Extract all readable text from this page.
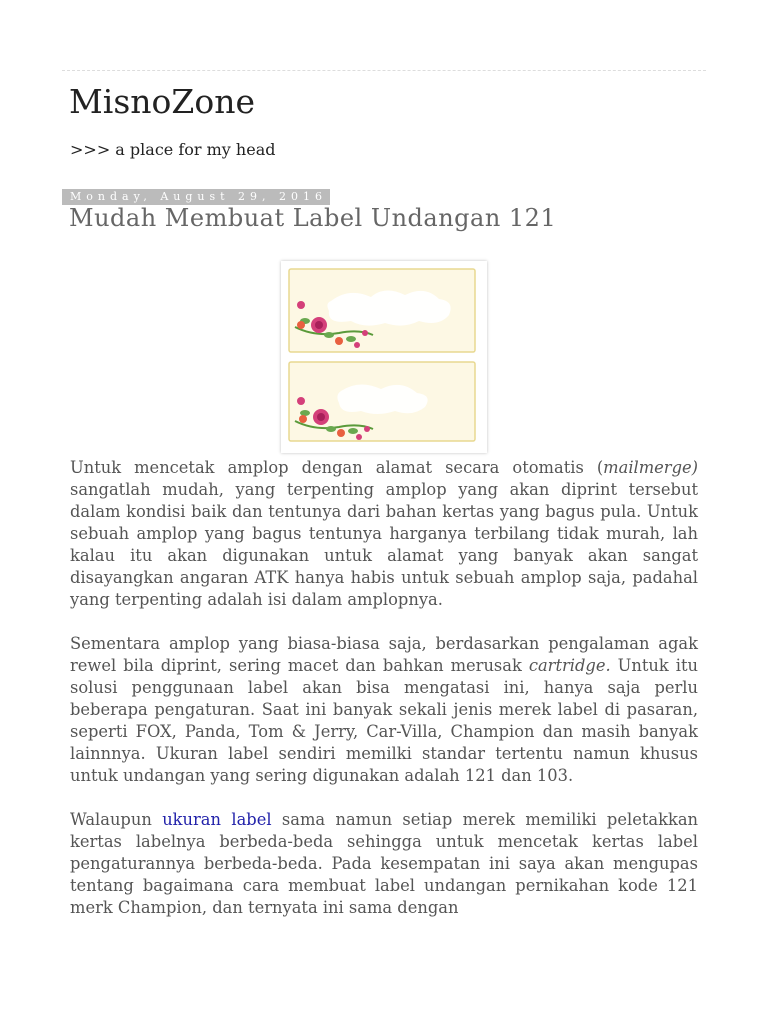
MisnoZone
>>> a place for my head
Monday, August 29, 2016
Mudah Membuat Label Undangan 121

Untuk mencetak amplop dengan alamat secara otomatis (mailmerge) sangatlah mudah, yang terpenting amplop yang akan diprint tersebut dalam kondisi baik dan tentunya dari bahan kertas yang bagus pula. Untuk sebuah amplop yang bagus tentunya harganya terbilang tidak murah, lah kalau itu akan digunakan untuk alamat yang banyak akan sangat disayangkan angaran ATK hanya habis untuk sebuah amplop saja, padahal yang terpenting adalah isi dalam amplopnya.

Sementara amplop yang biasa-biasa saja, berdasarkan pengalaman agak rewel bila diprint, sering macet dan bahkan merusak cartridge. Untuk itu solusi penggunaan label akan bisa mengatasi ini, hanya saja perlu beberapa pengaturan. Saat ini banyak sekali jenis merek label di pasaran, seperti FOX, Panda, Tom & Jerry, Car-Villa, Champion dan masih banyak lainnnya. Ukuran label sendiri memilki standar tertentu namun khusus untuk undangan yang sering digunakan adalah 121 dan 103.

Walaupun ukuran label sama namun setiap merek memiliki peletakkan kertas labelnya berbeda-beda sehingga untuk mencetak kertas label pengaturannya berbeda-beda. Pada kesempatan ini saya akan mengupas tentang bagaimana cara membuat label undangan pernikahan kode 121 merk Champion, dan ternyata ini sama dengan
